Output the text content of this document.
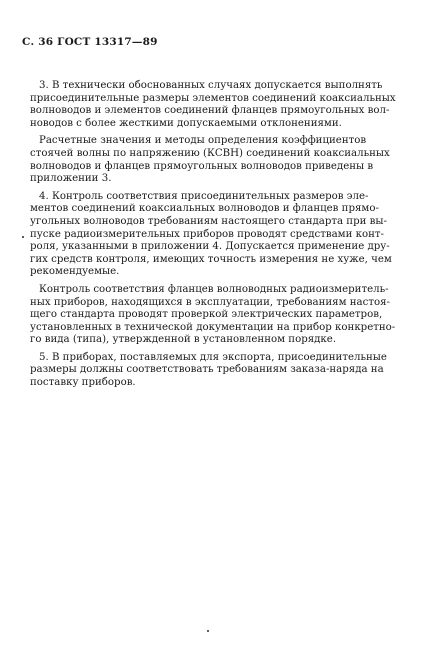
С. 36 ГОСТ 13317—89
3. В технически обоснованных случаях допускается выполнять
присоединительные размеры элементов соединений коаксиальных
волноводов и элементов соединений фланцев прямоугольных вол-
новодов с более жесткими допускаемыми отклонениями.
Расчетные значения и методы определения коэффициентов
стоячей волны по напряжению (КСВН) соединений коаксиальных
волноводов и фланцев прямоугольных волноводов приведены в
приложении 3.
4. Контроль соответствия присоединительных размеров эле-
ментов соединений коаксиальных волноводов и фланцев прямо-
угольных волноводов требованиям настоящего стандарта при вы-
пуске радиоизмерительных приборов проводят средствами конт-
роля, указанными в приложении 4. Допускается применение дру-
гих средств контроля, имеющих точность измерения не хуже, чем
рекомендуемые.
Контроль соответствия фланцев волноводных радиоизмеритель-
ных приборов, находящихся в эксплуатации, требованиям настоя-
щего стандарта проводят проверкой электрических параметров,
установленных в технической документации на прибор конкретно-
го вида (типа), утвержденной в установленном порядке.
5. В приборах, поставляемых для экспорта, присоединительные
размеры должны соответствовать требованиям заказа-наряда на
поставку приборов.
